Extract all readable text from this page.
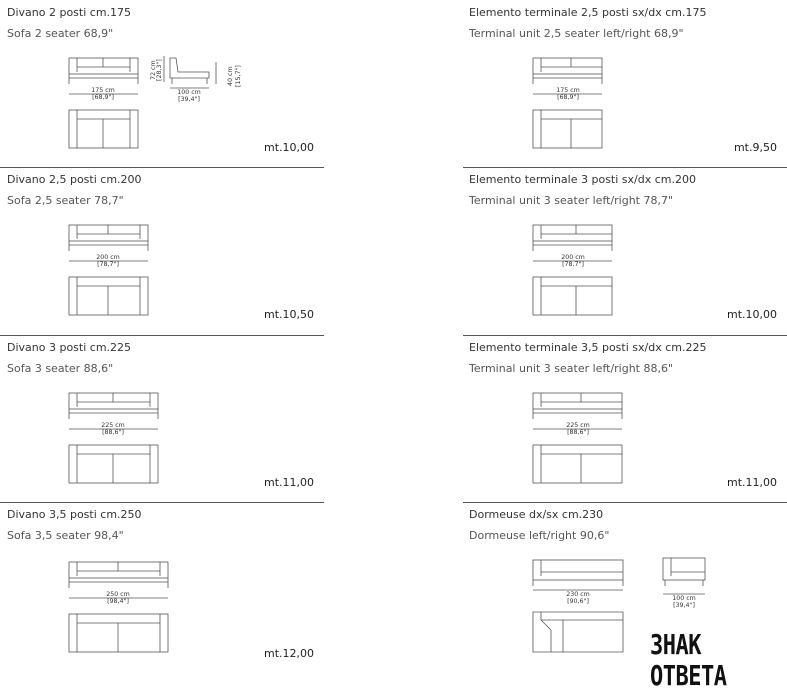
Divano 2 posti cm.175
Sofa 2 seater 68,9"
175 cm
[68,9"]
72 cm [28,3"]
100 cm
[39,4"]
40 cm [15,7"]
mt.10,00
Elemento terminale 2,5 posti sx/dx cm.175
Terminal unit 2,5 seater left/right 68,9"
175 cm
[68,9"]
mt.9,50
Divano 2,5 posti cm.200
Sofa 2,5 seater 78,7"
200 cm
[78,7"]
mt.10,50
Elemento terminale 3 posti sx/dx cm.200
Terminal unit 3 seater left/right 78,7"
200 cm
[78,7"]
mt.10,00
Divano 3 posti cm.225
Sofa 3 seater 88,6"
225 cm
[88,6"]
mt.11,00
Elemento terminale 3,5 posti sx/dx cm.225
Terminal unit 3 seater left/right 88,6"
225 cm
[88,6"]
mt.11,00
Divano 3,5 posti cm.250
Sofa 3,5 seater 98,4"
250 cm
[98,4"]
mt.12,00
Dormeuse dx/sx cm.230
Dormeuse left/right 90,6"
230 cm
[90,6"]	100 cm
[39,4"]
ЗНАК ОТВЕТА
